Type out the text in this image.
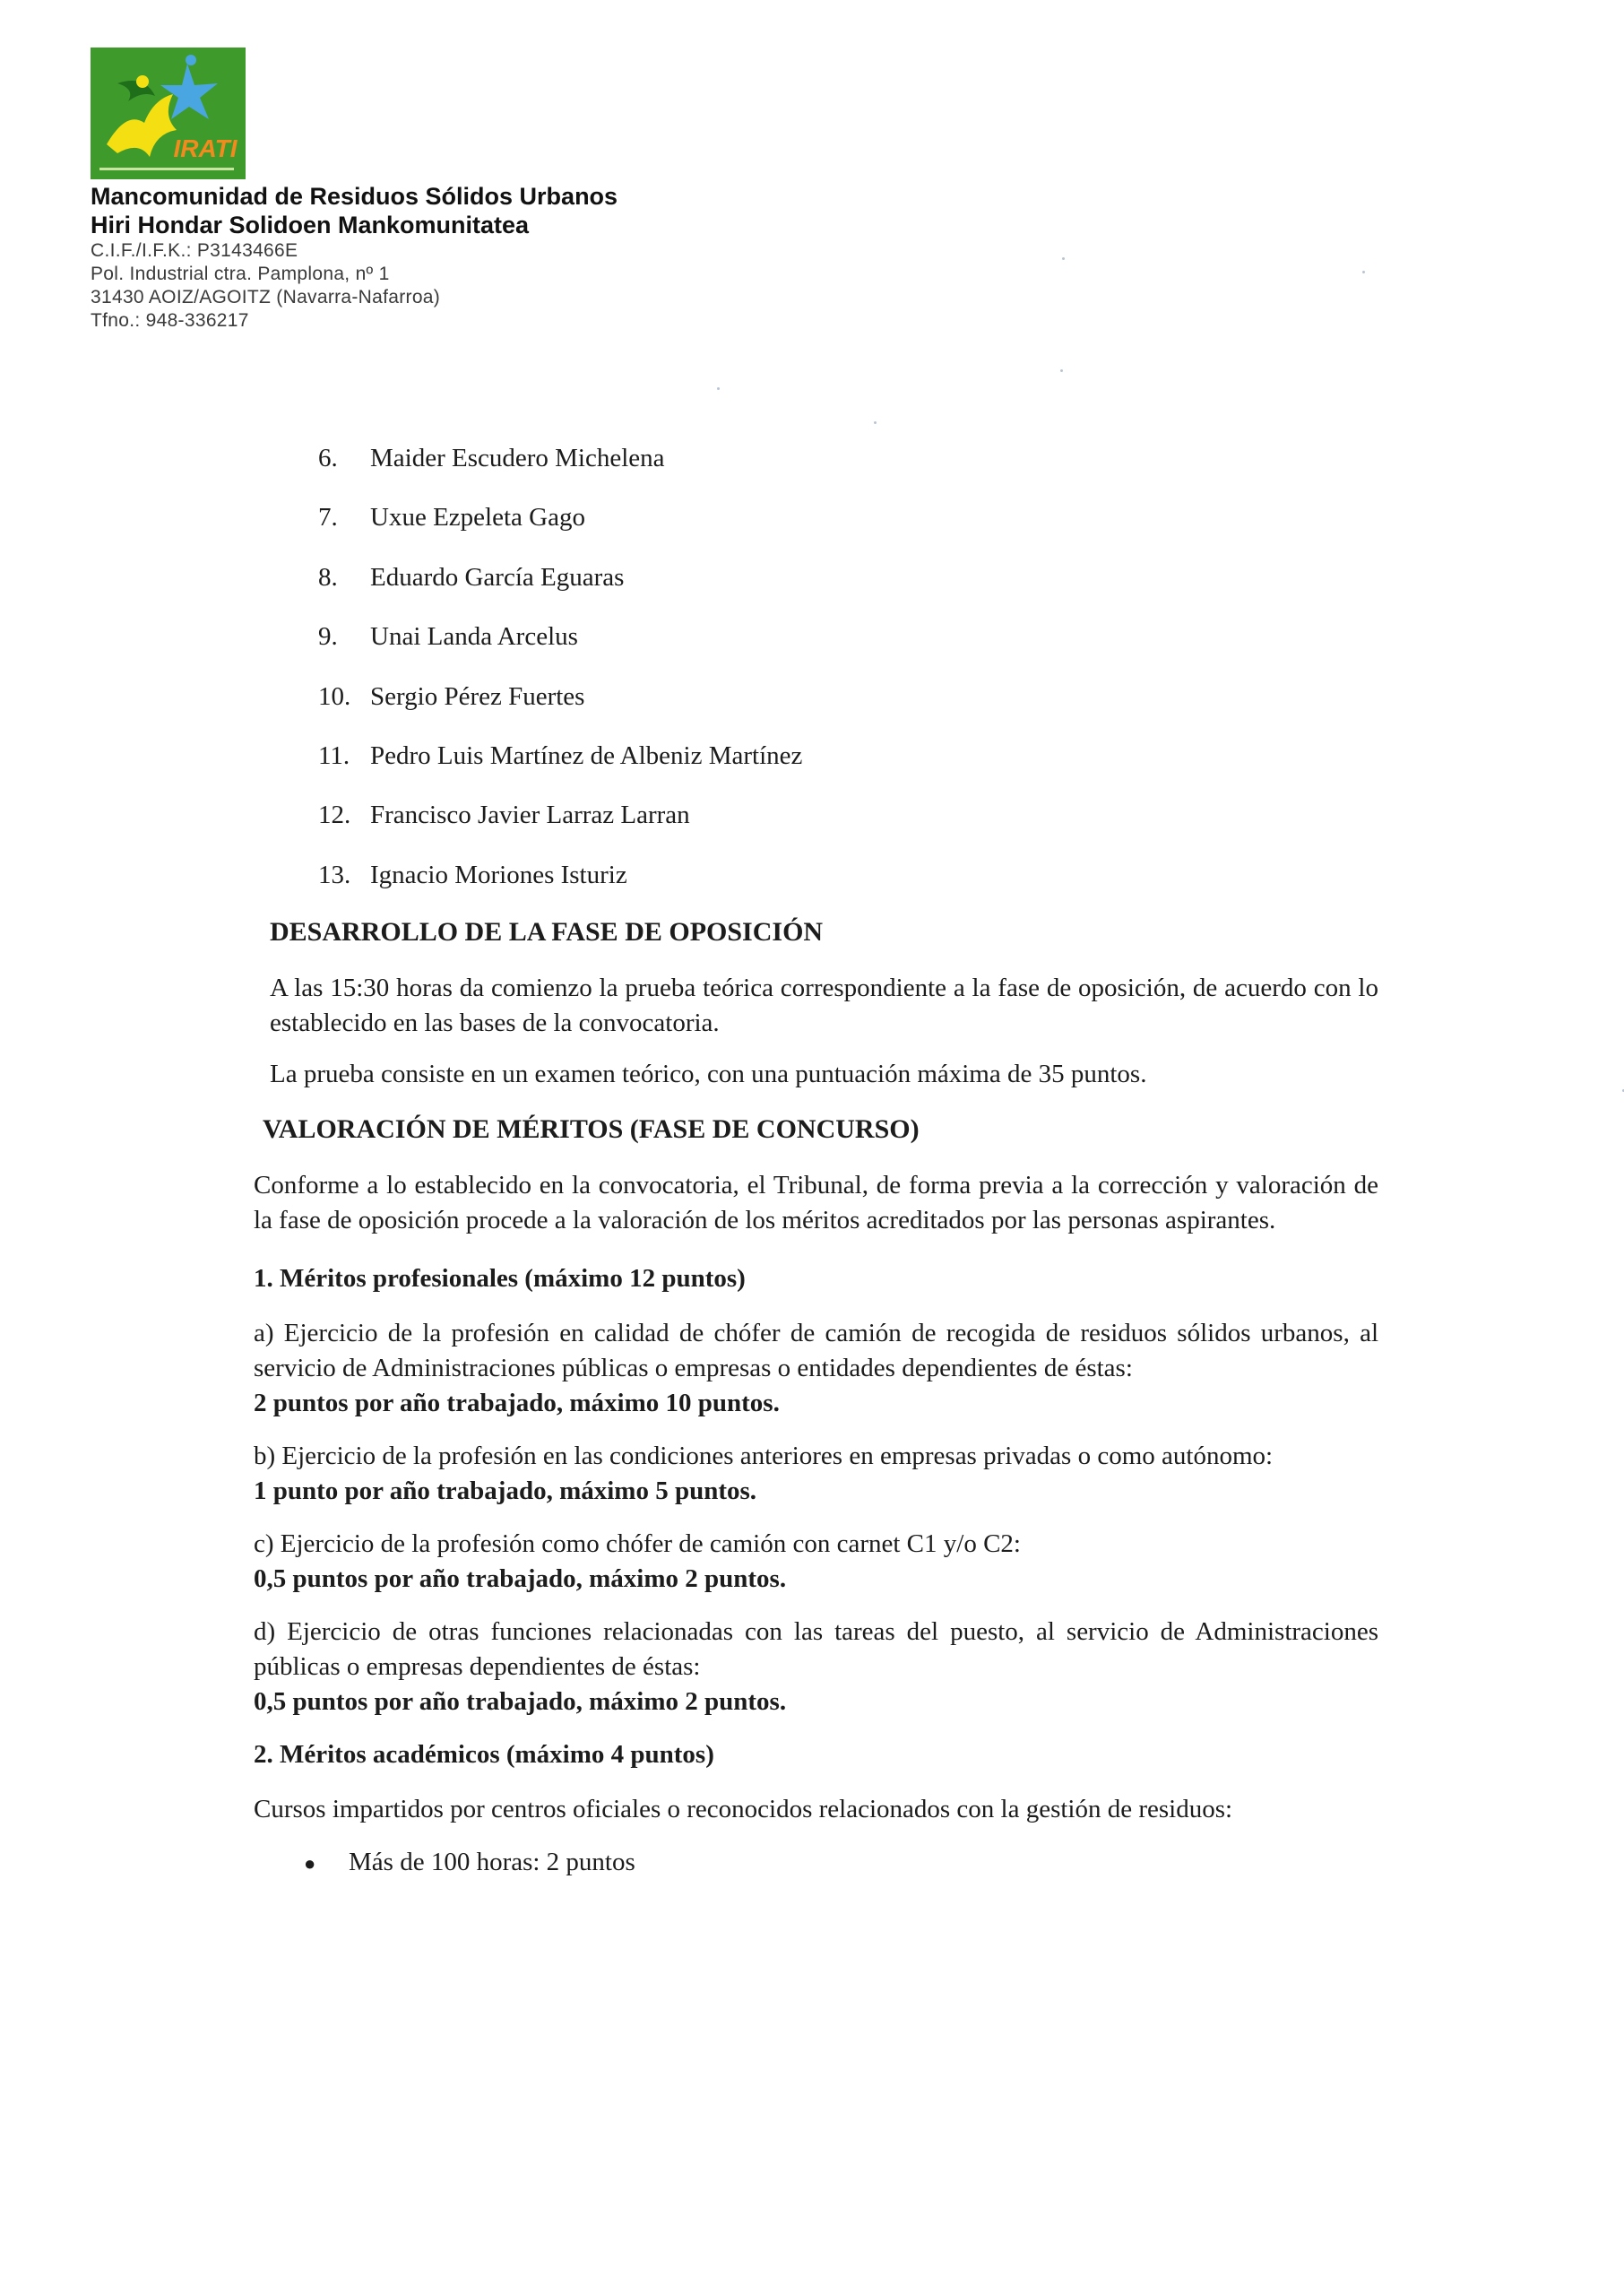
IRATI
Mancomunidad de Residuos Sólidos Urbanos
Hiri Hondar Solidoen Mankomunitatea
C.I.F./I.F.K.: P3143466E
Pol. Industrial ctra. Pamplona, nº 1
31430 AOIZ/AGOITZ (Navarra-Nafarroa)
Tfno.: 948-336217
6. Maider Escudero Michelena
7. Uxue Ezpeleta Gago
8. Eduardo García Eguaras
9. Unai Landa Arcelus
10. Sergio Pérez Fuertes
11. Pedro Luis Martínez de Albeniz Martínez
12. Francisco Javier Larraz Larran
13. Ignacio Moriones Isturiz
DESARROLLO DE LA FASE DE OPOSICIÓN
A las 15:30 horas da comienzo la prueba teórica correspondiente a la fase de oposición, de acuerdo con lo establecido en las bases de la convocatoria.
La prueba consiste en un examen teórico, con una puntuación máxima de 35 puntos.
VALORACIÓN DE MÉRITOS (FASE DE CONCURSO)
Conforme a lo establecido en la convocatoria, el Tribunal, de forma previa a la corrección y valoración de la fase de oposición procede a la valoración de los méritos acreditados por las personas aspirantes.
1. Méritos profesionales (máximo 12 puntos)
a) Ejercicio de la profesión en calidad de chófer de camión de recogida de residuos sólidos urbanos, al servicio de Administraciones públicas o empresas o entidades dependientes de éstas:
2 puntos por año trabajado, máximo 10 puntos.
b) Ejercicio de la profesión en las condiciones anteriores en empresas privadas o como autónomo:
1 punto por año trabajado, máximo 5 puntos.
c) Ejercicio de la profesión como chófer de camión con carnet C1 y/o C2:
0,5 puntos por año trabajado, máximo 2 puntos.
d) Ejercicio de otras funciones relacionadas con las tareas del puesto, al servicio de Administraciones públicas o empresas dependientes de éstas:
0,5 puntos por año trabajado, máximo 2 puntos.
2. Méritos académicos (máximo 4 puntos)
Cursos impartidos por centros oficiales o reconocidos relacionados con la gestión de residuos:
●	Más de 100 horas: 2 puntos
